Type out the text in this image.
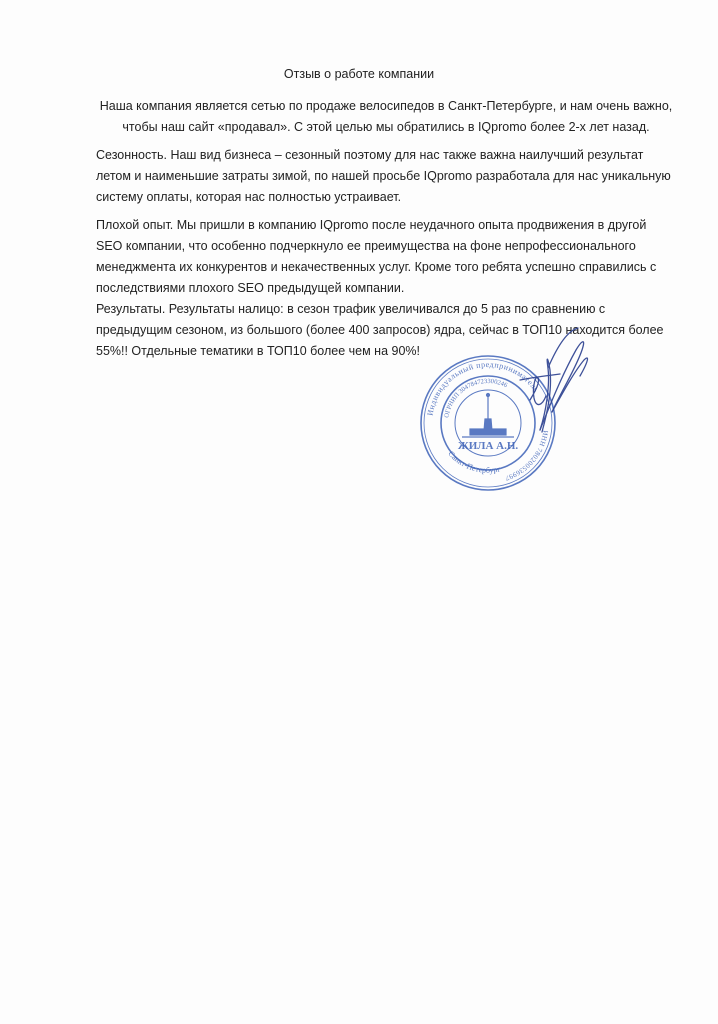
Отзыв о работе компании
Наша компания является сетью по продаже велосипедов в Санкт-Петербурге, и нам очень важно,
чтобы наш сайт «продавал». С этой целью мы обратились в IQpromo более 2-х лет назад.
Сезонность. Наш вид бизнеса – сезонный поэтому для нас также важна наилучший результат
летом и наименьшие затраты зимой, по нашей просьбе IQpromo разработала для нас уникальную
систему оплаты, которая нас полностью устраивает.
Плохой опыт. Мы пришли в компанию IQpromo после неудачного опыта продвижения в другой
SEO компании, что особенно подчеркнуло ее преимущества на фоне непрофессионального
менеджмента их конкурентов и некачественных услуг. Кроме того ребята успешно справились с
последствиями плохого SEO предыдущей компании.
Результаты. Результаты налицо: в сезон трафик увеличивался до 5 раз по сравнению с
предыдущим сезоном, из большого (более 400 запросов) ядра, сейчас в ТОП10 находится более
55%!! Отдельные тематики в ТОП10 более чем на 90%!
Индивидуальный предприниматель
ИНН 780200536997
ОГРНИП 304784723300246
Санкт-Петербург
ЖИЛА А.Н.
